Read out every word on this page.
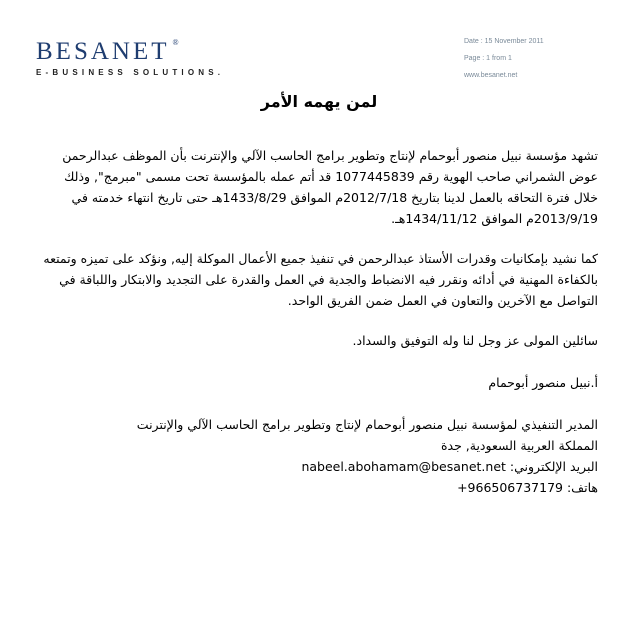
BESANET ®
E-BUSINESS SOLUTIONS.
Date : 15 November 2011
Page : 1 from 1
www.besanet.net
لمن يهمه الأمر

تشهد مؤسسة نبيل منصور أبوحمام لإنتاج وتطوير برامج الحاسب الآلي والإنترنت بأن الموظف عبدالرحمن عوض الشمراني صاحب الهوية رقم 1077445839 قد أتم عمله بالمؤسسة تحت مسمى "مبرمج", وذلك خلال فترة التحاقه بالعمل لدينا بتاريخ 2012/7/18م الموافق 1433/8/29هـ حتى تاريخ انتهاء خدمته في 2013/9/19م الموافق 1434/11/12هـ.

كما نشيد بإمكانيات وقدرات الأستاذ عبدالرحمن في تنفيذ جميع الأعمال الموكلة إليه, ونؤكد على تميزه وتمتعه بالكفاءة المهنية في أدائه ونقرر فيه الانضباط والجدية في العمل والقدرة على التجديد والابتكار واللباقة في التواصل مع الآخرين والتعاون في العمل ضمن الفريق الواحد.

سائلين المولى عز وجل لنا وله التوفيق والسداد.

أ.نبيل منصور أبوحمام

المدير التنفيذي لمؤسسة نبيل منصور أبوحمام لإنتاج وتطوير برامج الحاسب الآلي والإنترنت
المملكة العربية السعودية, جدة
البريد الإلكتروني: nabeel.abohamam@besanet.net
هاتف: +966506737179
